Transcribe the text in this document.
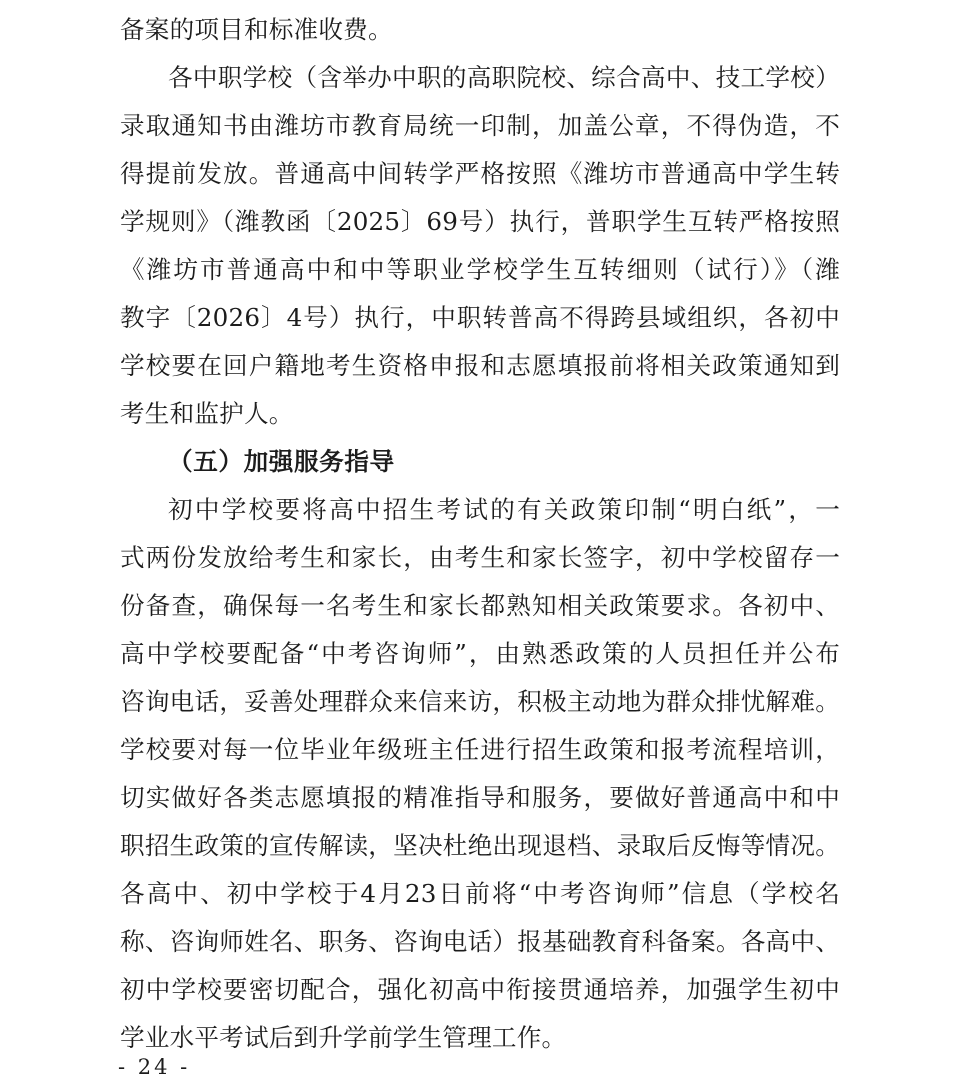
备案的项目和标准收费。
各中职学校（含举办中职的高职院校、综合高中、技工学校）
录取通知书由潍坊市教育局统一印制，加盖公章，不得伪造，不
得提前发放。普通高中间转学严格按照《潍坊市普通高中学生转
学规则》（潍教函〔2025〕69号）执行，普职学生互转严格按照
《潍坊市普通高中和中等职业学校学生互转细则（试行）》（潍
教字〔2026〕4号）执行，中职转普高不得跨县域组织，各初中
学校要在回户籍地考生资格申报和志愿填报前将相关政策通知到
考生和监护人。
（五）加强服务指导
初中学校要将高中招生考试的有关政策印制“明白纸”，一
式两份发放给考生和家长，由考生和家长签字，初中学校留存一
份备查，确保每一名考生和家长都熟知相关政策要求。各初中、
高中学校要配备“中考咨询师”，由熟悉政策的人员担任并公布
咨询电话，妥善处理群众来信来访，积极主动地为群众排忧解难。
学校要对每一位毕业年级班主任进行招生政策和报考流程培训，
切实做好各类志愿填报的精准指导和服务，要做好普通高中和中
职招生政策的宣传解读，坚决杜绝出现退档、录取后反悔等情况。
各高中、初中学校于4月23日前将“中考咨询师”信息（学校名
称、咨询师姓名、职务、咨询电话）报基础教育科备案。各高中、
初中学校要密切配合，强化初高中衔接贯通培养，加强学生初中
学业水平考试后到升学前学生管理工作。
- 24 -
